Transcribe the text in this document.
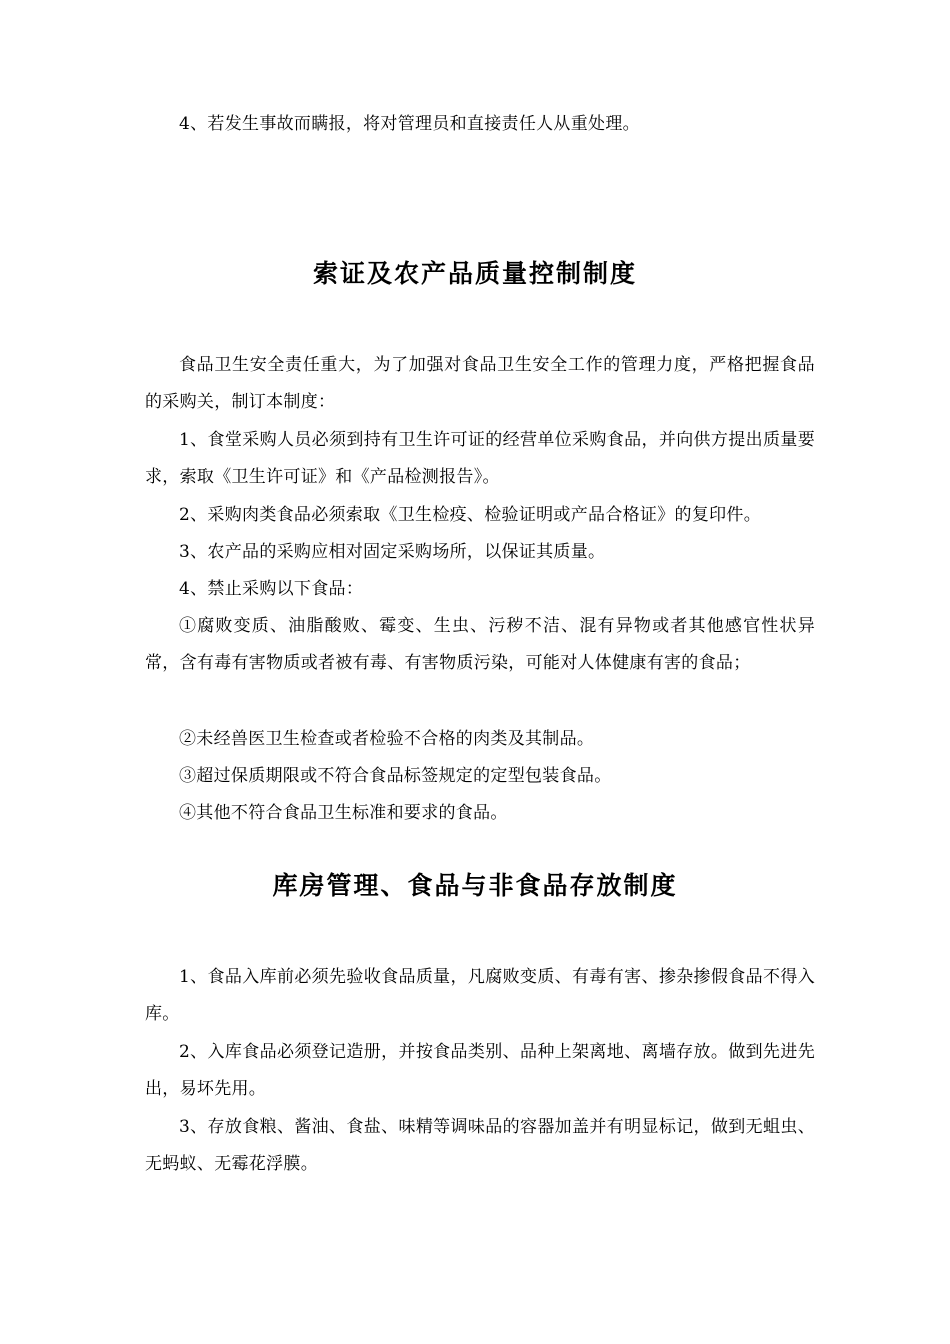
4、若发生事故而瞒报，将对管理员和直接责任人从重处理。

索证及农产品质量控制制度

食品卫生安全责任重大，为了加强对食品卫生安全工作的管理力度，严格把握食品的采购关，制订本制度：

1、食堂采购人员必须到持有卫生许可证的经营单位采购食品，并向供方提出质量要求，索取《卫生许可证》和《产品检测报告》。

2、采购肉类食品必须索取《卫生检疫、检验证明或产品合格证》的复印件。

3、农产品的采购应相对固定采购场所，以保证其质量。

4、禁止采购以下食品：

①腐败变质、油脂酸败、霉变、生虫、污秽不洁、混有异物或者其他感官性状异常，含有毒有害物质或者被有毒、有害物质污染，可能对人体健康有害的食品；

②未经兽医卫生检查或者检验不合格的肉类及其制品。

③超过保质期限或不符合食品标签规定的定型包装食品。

④其他不符合食品卫生标准和要求的食品。

库房管理、食品与非食品存放制度

1、食品入库前必须先验收食品质量，凡腐败变质、有毒有害、掺杂掺假食品不得入库。

2、入库食品必须登记造册，并按食品类别、品种上架离地、离墙存放。做到先进先出，易坏先用。

3、存放食粮、酱油、食盐、味精等调味品的容器加盖并有明显标记，做到无蛆虫、无蚂蚁、无霉花浮膜。
